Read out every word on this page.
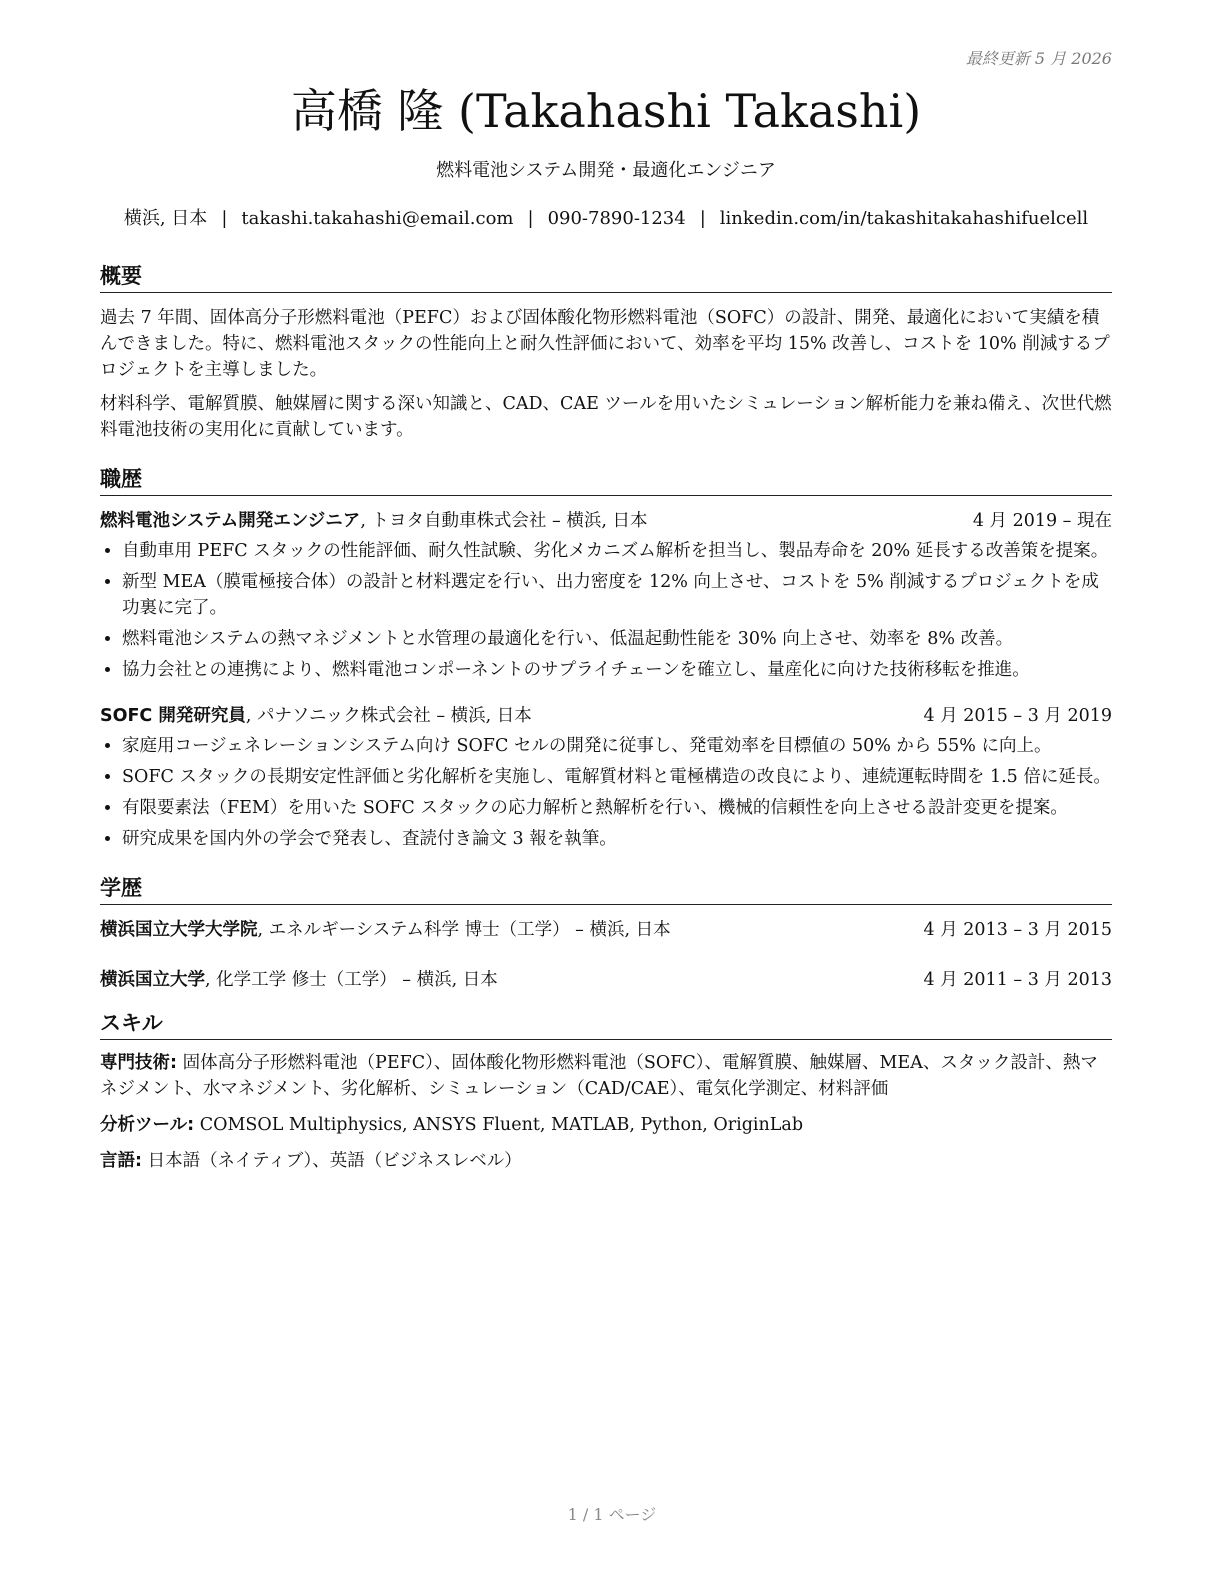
最終更新 5 月 2026
高橋 隆 (Takahashi Takashi)
燃料電池システム開発・最適化エンジニア
横浜, 日本 | takashi.takahashi@email.com | 090-7890-1234 | linkedin.com/in/takashitakahashifuelcell
概要
過去 7 年間、固体高分子形燃料電池（PEFC）および固体酸化物形燃料電池（SOFC）の設計、開発、最適化において実績を積んできました。特に、燃料電池スタックの性能向上と耐久性評価において、効率を平均 15% 改善し、コストを 10% 削減するプロジェクトを主導しました。
材料科学、電解質膜、触媒層に関する深い知識と、CAD、CAE ツールを用いたシミュレーション解析能力を兼ね備え、次世代燃料電池技術の実用化に貢献しています。
職歴
燃料電池システム開発エンジニア, トヨタ自動車株式会社 – 横浜, 日本	4 月 2019 – 現在
• 自動車用 PEFC スタックの性能評価、耐久性試験、劣化メカニズム解析を担当し、製品寿命を 20% 延長する改善策を提案。
• 新型 MEA（膜電極接合体）の設計と材料選定を行い、出力密度を 12% 向上させ、コストを 5% 削減するプロジェクトを成功裏に完了。
• 燃料電池システムの熱マネジメントと水管理の最適化を行い、低温起動性能を 30% 向上させ、効率を 8% 改善。
• 協力会社との連携により、燃料電池コンポーネントのサプライチェーンを確立し、量産化に向けた技術移転を推進。
SOFC 開発研究員, パナソニック株式会社 – 横浜, 日本	4 月 2015 – 3 月 2019
• 家庭用コージェネレーションシステム向け SOFC セルの開発に従事し、発電効率を目標値の 50% から 55% に向上。
• SOFC スタックの長期安定性評価と劣化解析を実施し、電解質材料と電極構造の改良により、連続運転時間を 1.5 倍に延長。
• 有限要素法（FEM）を用いた SOFC スタックの応力解析と熱解析を行い、機械的信頼性を向上させる設計変更を提案。
• 研究成果を国内外の学会で発表し、査読付き論文 3 報を執筆。
学歴
横浜国立大学大学院, エネルギーシステム科学 博士（工学） – 横浜, 日本	4 月 2013 – 3 月 2015
横浜国立大学, 化学工学 修士（工学） – 横浜, 日本	4 月 2011 – 3 月 2013
スキル
専門技術: 固体高分子形燃料電池（PEFC）、固体酸化物形燃料電池（SOFC）、電解質膜、触媒層、MEA、スタック設計、熱マネジメント、水マネジメント、劣化解析、シミュレーション（CAD/CAE）、電気化学測定、材料評価
分析ツール: COMSOL Multiphysics, ANSYS Fluent, MATLAB, Python, OriginLab
言語: 日本語（ネイティブ）、英語（ビジネスレベル）
1 / 1 ページ
